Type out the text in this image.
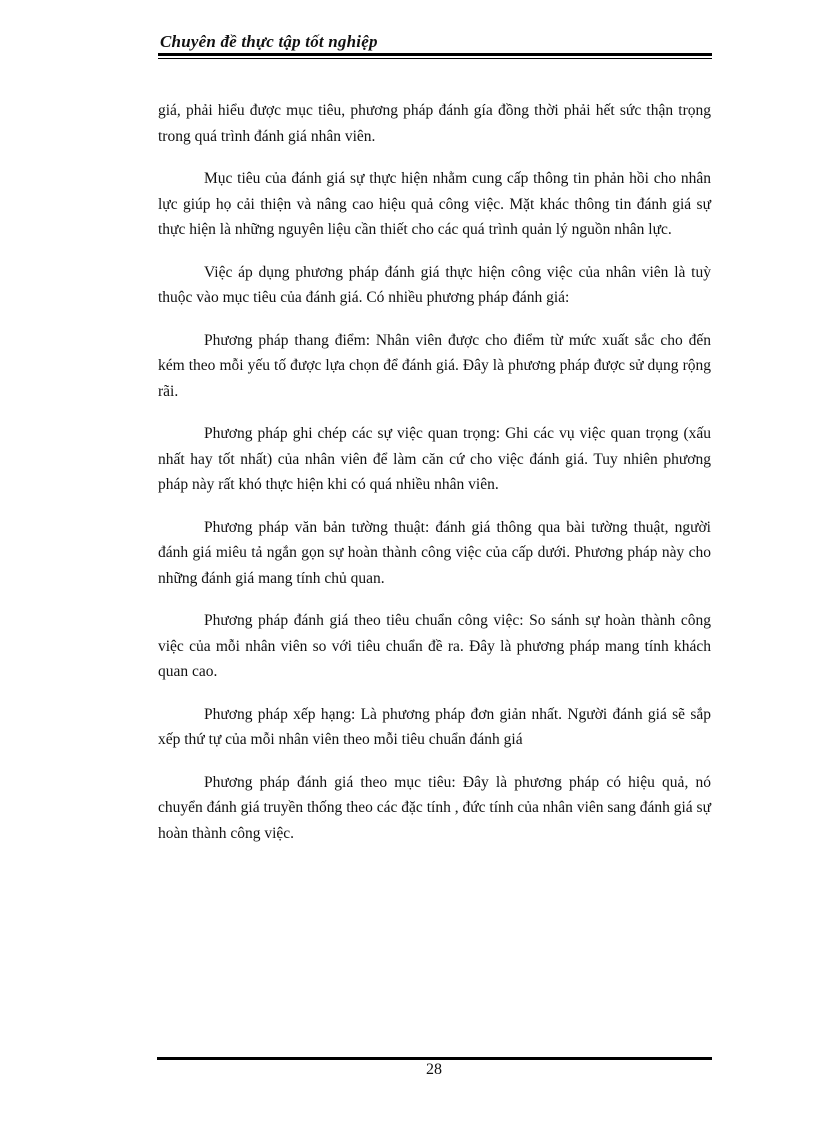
Chuyên đề thực tập tốt nghiệp

giá, phải hiểu được mục tiêu, phương pháp đánh gía đồng thời phải hết sức thận trọng trong quá trình đánh giá nhân viên.

Mục tiêu của đánh giá sự thực hiện nhằm cung cấp thông tin phản hồi cho nhân lực giúp họ cải thiện và nâng cao hiệu quả công việc. Mặt khác thông tin đánh giá sự thực hiện là những nguyên liệu cần thiết cho các quá trình quản lý nguồn nhân lực.

Việc áp dụng phương pháp đánh giá thực hiện công việc của nhân viên là tuỳ thuộc vào mục tiêu của đánh giá. Có nhiều phương pháp đánh giá:

Phương pháp thang điểm: Nhân viên được cho điểm từ mức xuất sắc cho đến kém theo mỗi yếu tố được lựa chọn để đánh giá. Đây là phương pháp được sử dụng rộng rãi.

Phương pháp ghi chép các sự việc quan trọng: Ghi các vụ việc quan trọng (xấu nhất hay tốt nhất) của nhân viên để làm căn cứ cho việc đánh giá. Tuy nhiên phương pháp này rất khó thực hiện khi có quá nhiều nhân viên.

Phương pháp văn bản tường thuật: đánh giá thông qua bài tường thuật, người đánh giá miêu tả ngắn gọn sự hoàn thành công việc của cấp dưới. Phương pháp này cho những đánh giá mang tính chủ quan.

Phương pháp đánh giá theo tiêu chuẩn công việc: So sánh sự hoàn thành công việc của mỗi nhân viên so với tiêu chuẩn đề ra. Đây là phương pháp mang tính khách quan cao.

Phương pháp xếp hạng: Là phương pháp đơn giản nhất. Người đánh giá sẽ sắp xếp thứ tự của mỗi nhân viên theo mỗi tiêu chuẩn đánh giá

Phương pháp đánh giá theo mục tiêu: Đây là phương pháp có hiệu quả, nó chuyển đánh giá truyền thống theo các đặc tính , đức tính của nhân viên sang đánh giá sự hoàn thành công việc.

28
